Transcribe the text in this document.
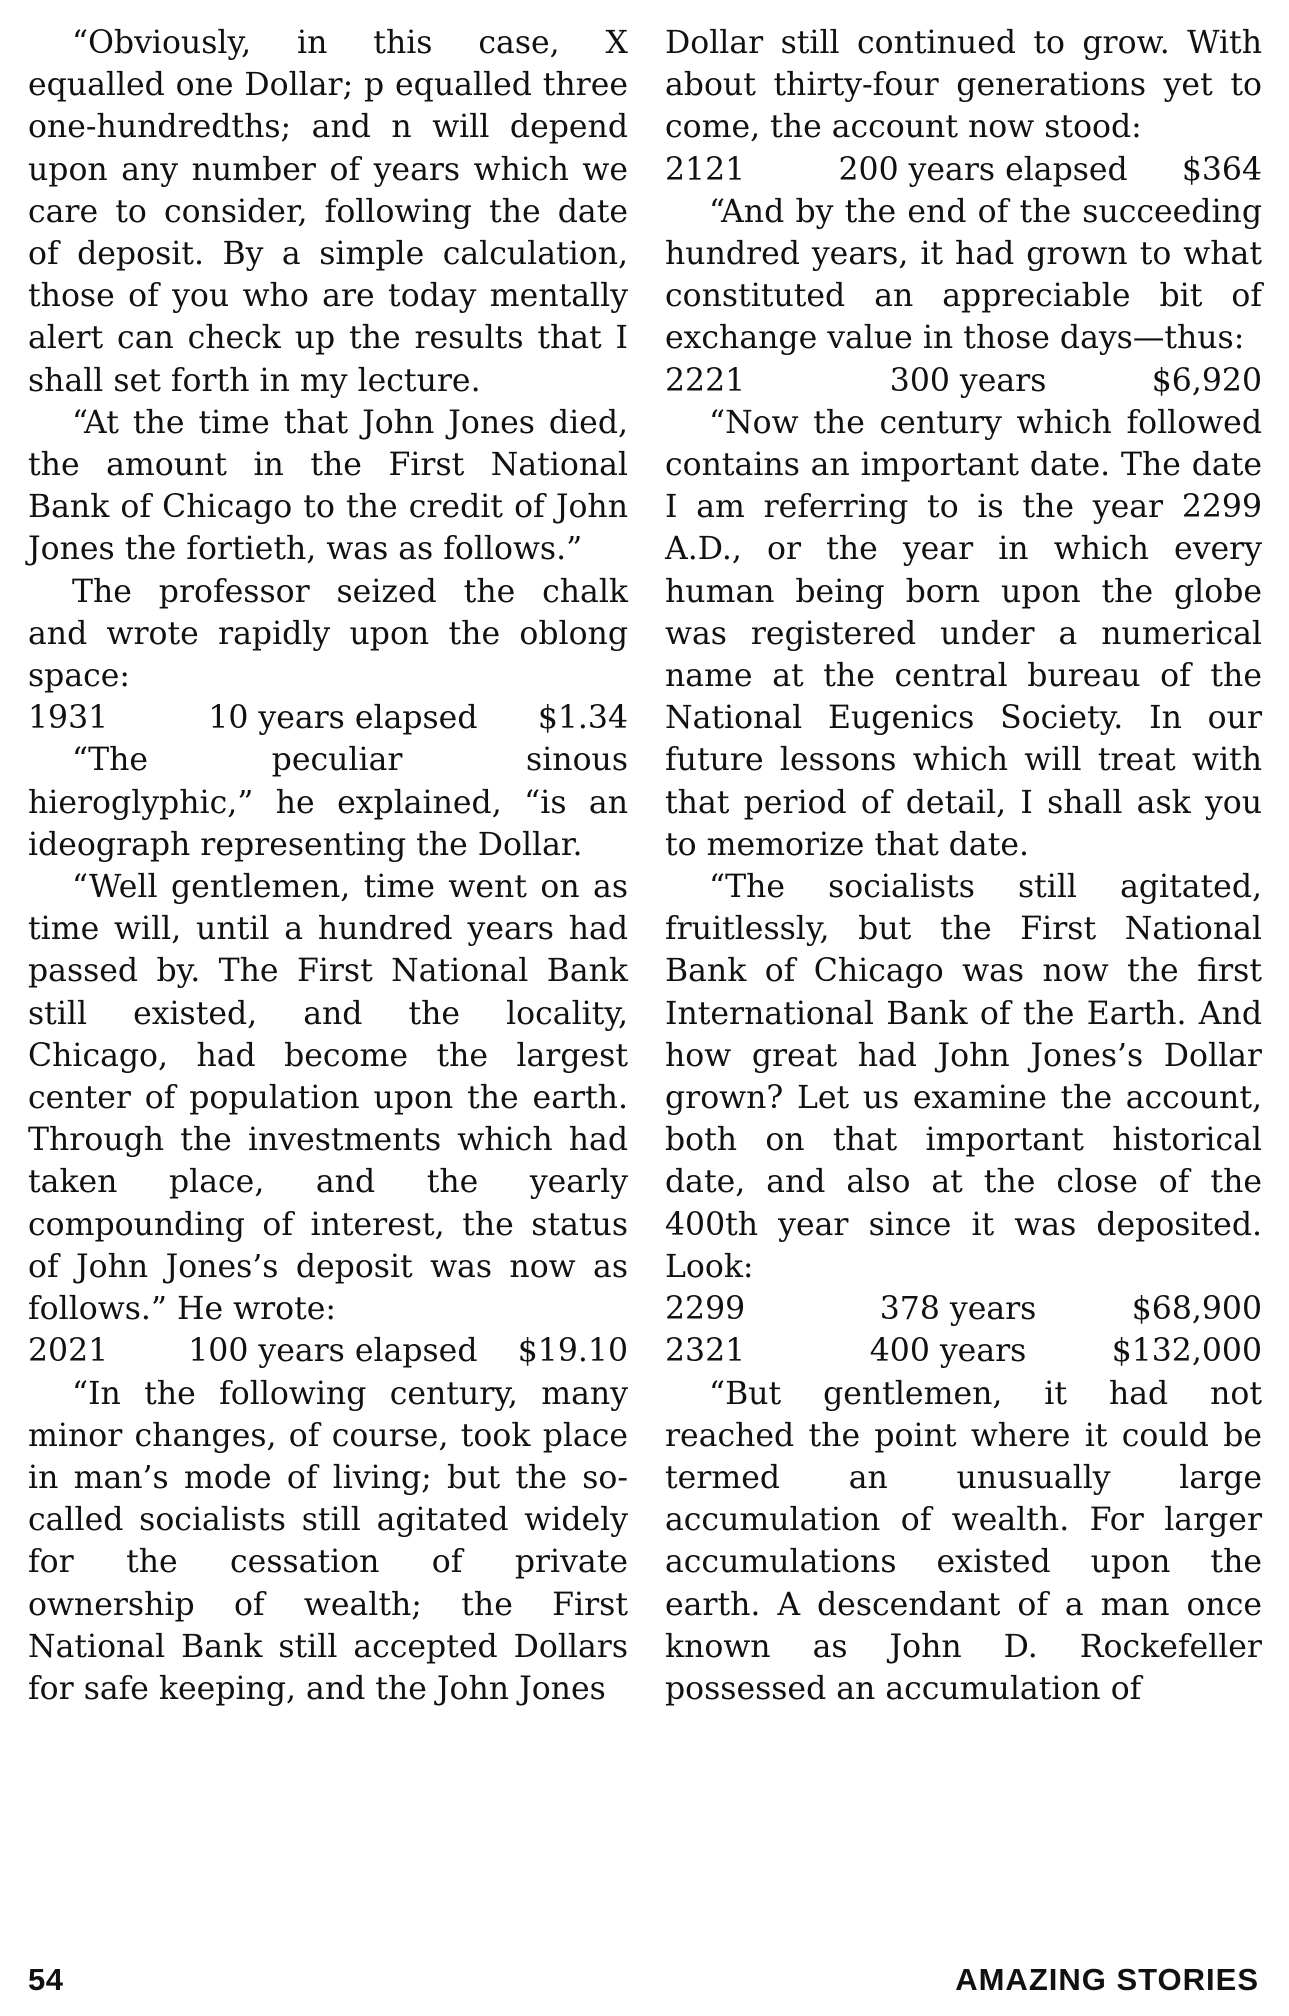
“Obviously, in this case, X equalled one Dollar; p equalled three one-hundredths; and n will depend upon any number of years which we care to consider, following the date of deposit. By a simple calculation, those of you who are today mentally alert can check up the results that I shall set forth in my lecture.

“At the time that John Jones died, the amount in the First National Bank of Chicago to the credit of John Jones the fortieth, was as follows.”

The professor seized the chalk and wrote rapidly upon the oblong space:

1931	10 years elapsed	$1.34

“The peculiar sinous hieroglyphic,” he explained, “is an ideograph representing the Dollar.

“Well gentlemen, time went on as time will, until a hundred years had passed by. The First National Bank still existed, and the locality, Chicago, had become the largest center of population upon the earth. Through the investments which had taken place, and the yearly compounding of interest, the status of John Jones’s deposit was now as follows.” He wrote:

2021	100 years elapsed	$19.10

“In the following century, many minor changes, of course, took place in man’s mode of living; but the so-called socialists still agitated widely for the cessation of private ownership of wealth; the First National Bank still accepted Dollars for safe keeping, and the John Jones

Dollar still continued to grow. With about thirty-four generations yet to come, the account now stood:

2121	200 years elapsed	$364

“And by the end of the succeeding hundred years, it had grown to what constituted an appreciable bit of exchange value in those days—thus:

2221	300 years	$6,920

“Now the century which followed contains an important date. The date I am referring to is the year 2299 A.D., or the year in which every human being born upon the globe was registered under a numerical name at the central bureau of the National Eugenics Society. In our future lessons which will treat with that period of detail, I shall ask you to memorize that date.

“The socialists still agitated, fruitlessly, but the First National Bank of Chicago was now the first International Bank of the Earth. And how great had John Jones’s Dollar grown? Let us examine the account, both on that important historical date, and also at the close of the 400th year since it was deposited. Look:

2299	378 years	$68,900
2321	400 years	$132,000

“But gentlemen, it had not reached the point where it could be termed an unusually large accumulation of wealth. For larger accumulations existed upon the earth. A descendant of a man once known as John D. Rockefeller possessed an accumulation of

54	AMAZING STORIES
